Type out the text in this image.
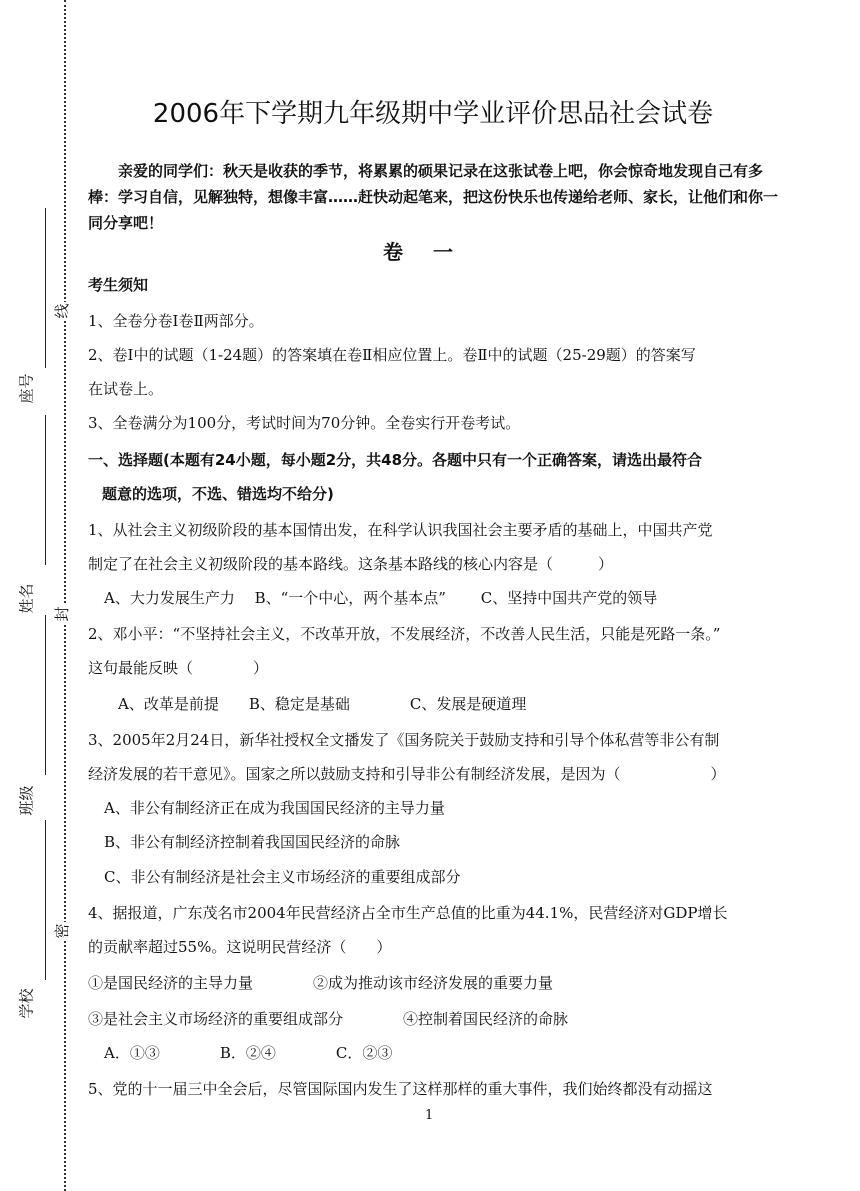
线
封
密
座号
姓名
班级
学校
2006年下学期九年级期中学业评价思品社会试卷
亲爱的同学们：秋天是收获的季节，将累累的硕果记录在这张试卷上吧，你会惊奇地发现自己有多棒：学习自信，见解独特，想像丰富……赶快动起笔来，把这份快乐也传递给老师、家长，让他们和你一同分享吧！
卷一
考生须知
1、全卷分卷Ⅰ卷Ⅱ两部分。
2、卷Ⅰ中的试题（1-24题）的答案填在卷Ⅱ相应位置上。卷Ⅱ中的试题（25-29题）的答案写
在试卷上。
3、全卷满分为100分，考试时间为70分钟。全卷实行开卷考试。
一、选择题(本题有24小题，每小题2分，共48分。各题中只有一个正确答案，请选出最符合
题意的选项，不选、错选均不给分)
1、从社会主义初级阶段的基本国情出发，在科学认识我国社会主要矛盾的基础上，中国共产党
制定了在社会主义初级阶段的基本路线。这条基本路线的核心内容是（　　　）
A、大力发展生产力　 B、“一个中心，两个基本点”　　 C、坚持中国共产党的领导
2、邓小平：“不坚持社会主义，不改革开放，不发展经济，不改善人民生活，只能是死路一条。”
这句最能反映（　　　　）
A、改革是前提　　B、稳定是基础　　　　C、发展是硬道理
3、2005年2月24日，新华社授权全文播发了《国务院关于鼓励支持和引导个体私营等非公有制
经济发展的若干意见》。国家之所以鼓励支持和引导非公有制经济发展，是因为（　　　　　　）
A、非公有制经济正在成为我国国民经济的主导力量
B、非公有制经济控制着我国国民经济的命脉
C、非公有制经济是社会主义市场经济的重要组成部分
4、据报道，广东茂名市2004年民营经济占全市生产总值的比重为44.1%，民营经济对GDP增长
的贡献率超过55%。这说明民营经济（　　）
①是国民经济的主导力量　　　　②成为推动该市经济发展的重要力量
③是社会主义市场经济的重要组成部分　　　　④控制着国民经济的命脉
A．①③　　　　B．②④　　　　C．②③
5、党的十一届三中全会后，尽管国际国内发生了这样那样的重大事件，我们始终都没有动摇这
1
